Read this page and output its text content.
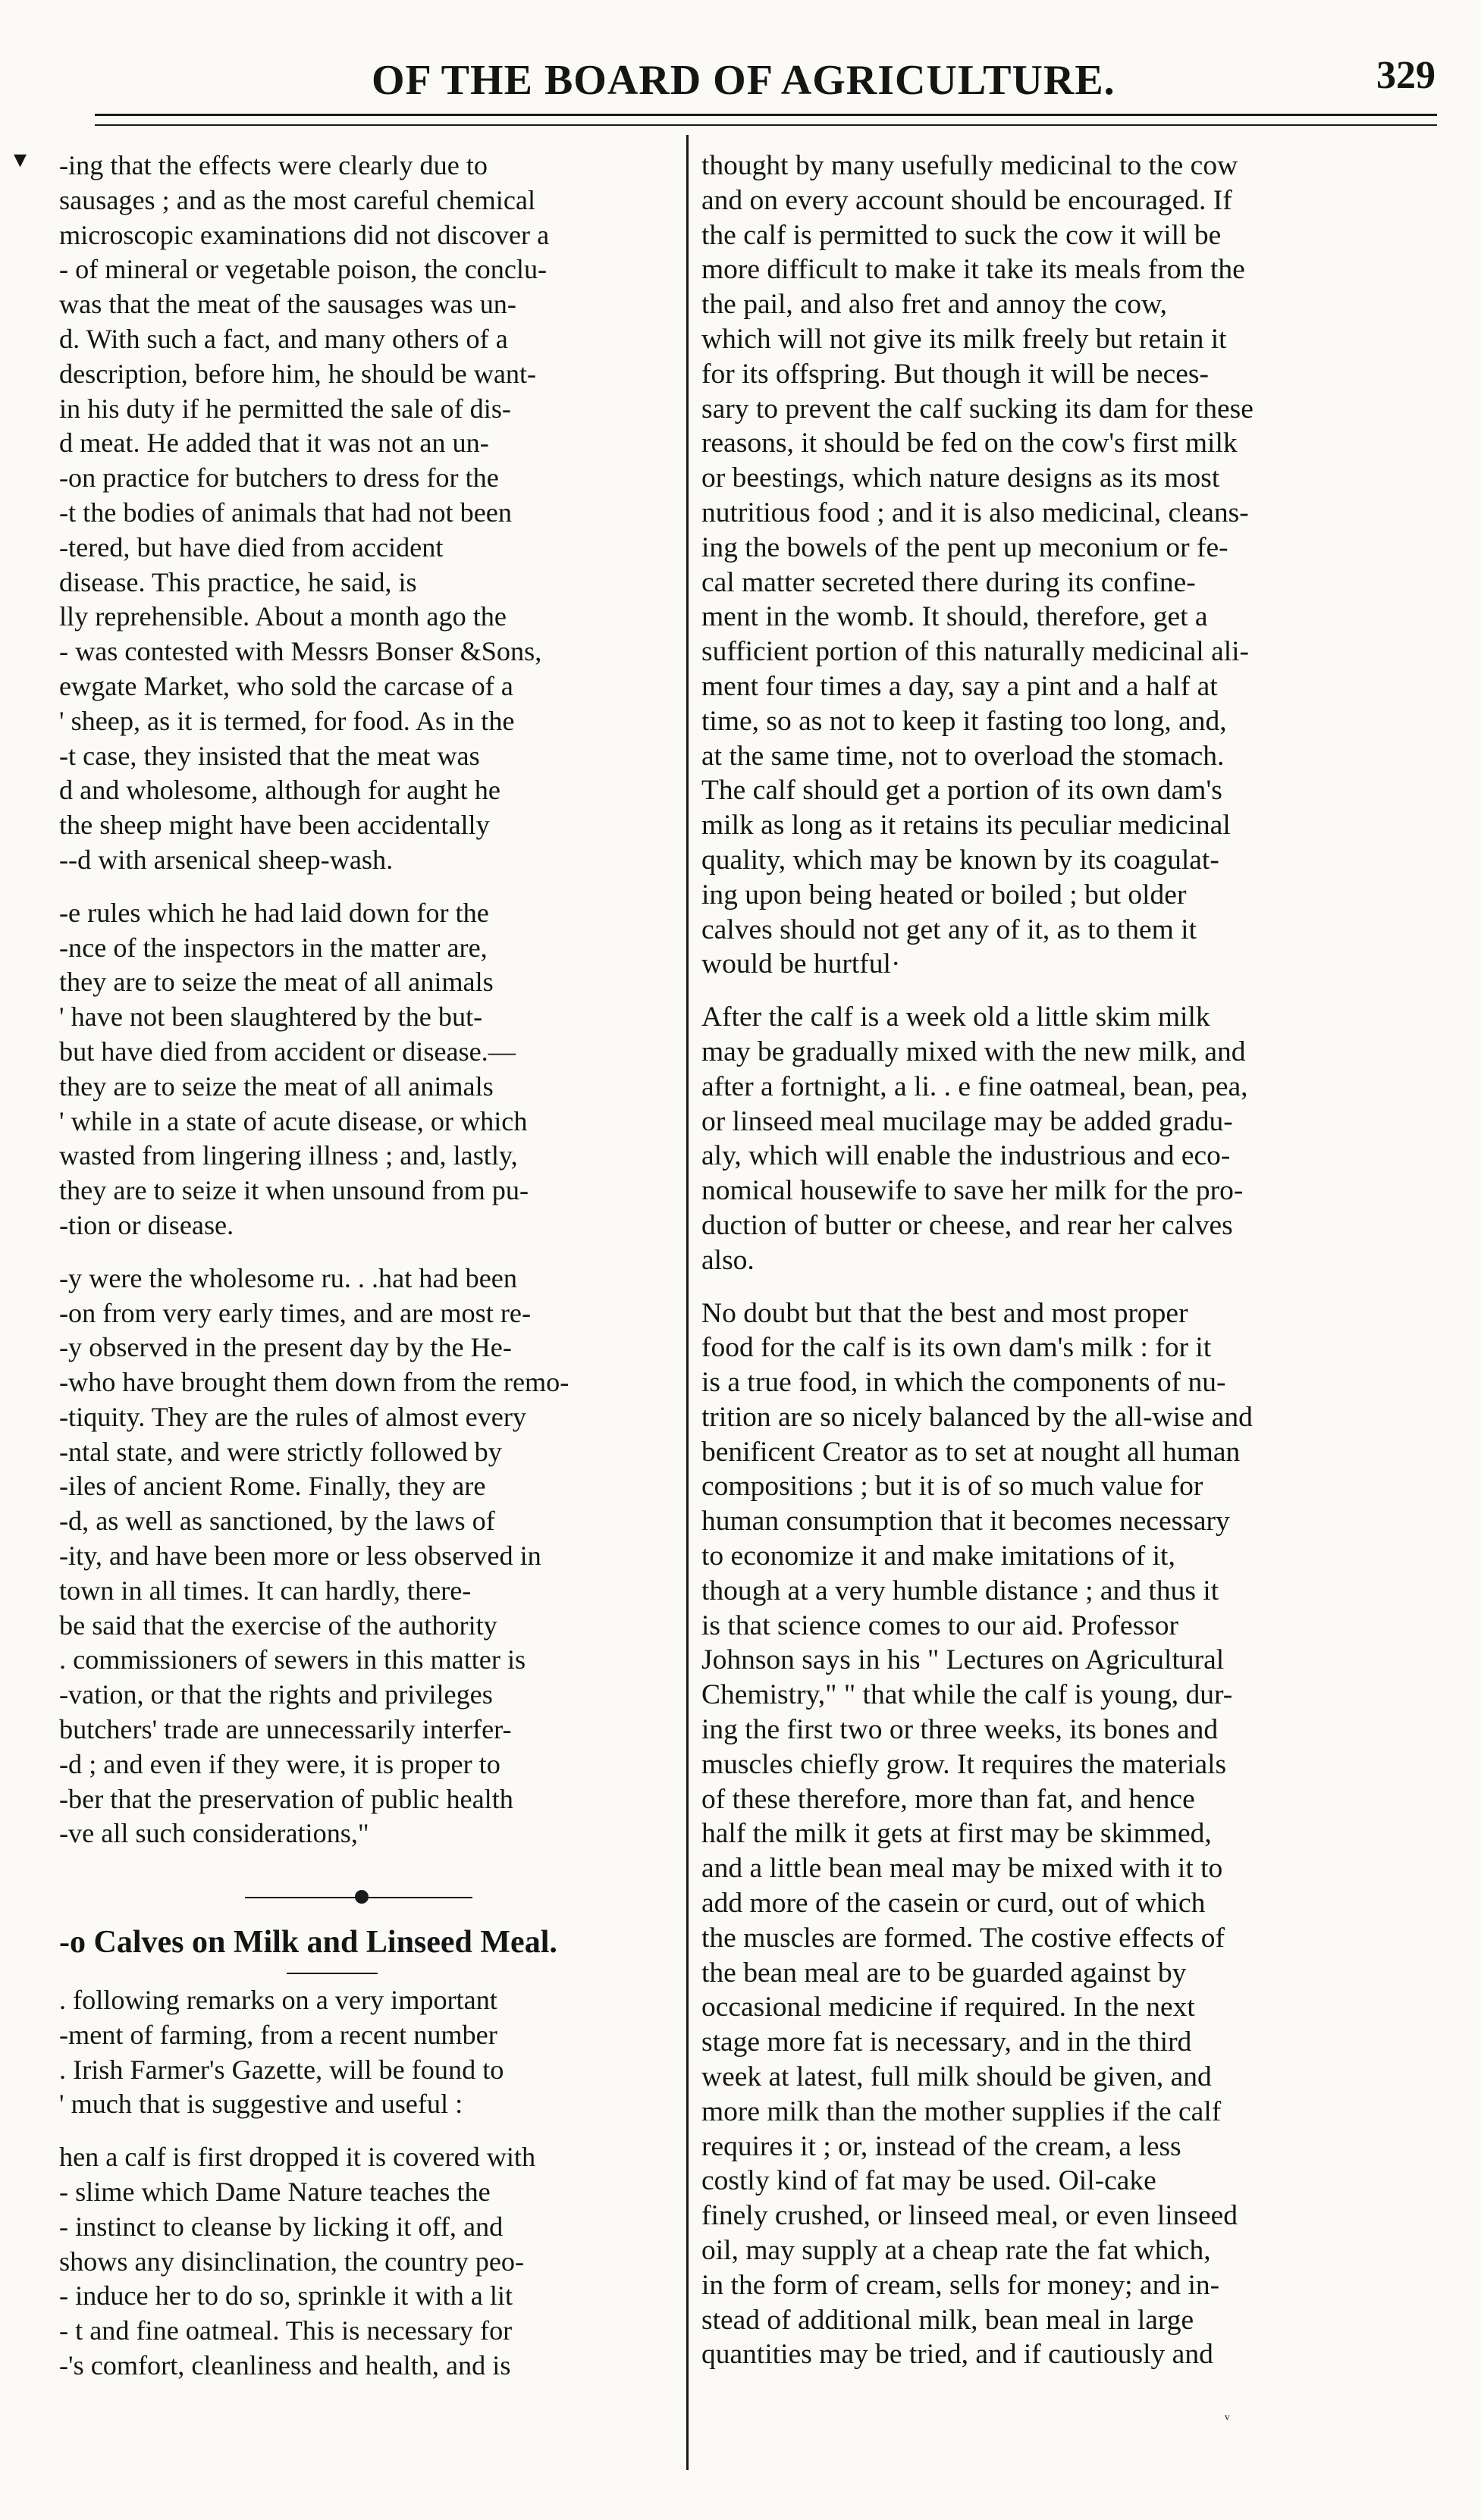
▾
OF THE BOARD OF AGRICULTURE.	329
-ing that the effects were clearly due to
sausages ; and as the most careful chemical
microscopic examinations did not discover a
- of mineral or vegetable poison, the conclu-
was that the meat of the sausages was un-
d. With such a fact, and many others of a
description, before him, he should be want-
in his duty if he permitted the sale of dis-
d meat. He added that it was not an un-
-on practice for butchers to dress for the
-t the bodies of animals that had not been
-tered, but have died from accident
disease. This practice, he said, is
lly reprehensible. About a month ago the
- was contested with Messrs Bonser &Sons,
ewgate Market, who sold the carcase of a
' sheep, as it is termed, for food. As in the
-t case, they insisted that the meat was
d and wholesome, although for aught he
the sheep might have been accidentally
--d with arsenical sheep-wash.
-e rules which he had laid down for the
-nce of the inspectors in the matter are,
they are to seize the meat of all animals
' have not been slaughtered by the but-
but have died from accident or disease.—
they are to seize the meat of all animals
' while in a state of acute disease, or which
wasted from lingering illness ; and, lastly,
they are to seize it when unsound from pu-
-tion or disease.
-y were the wholesome ru. . .hat had been
-on from very early times, and are most re-
-y observed in the present day by the He-
-who have brought them down from the remo-
-tiquity. They are the rules of almost every
-ntal state, and were strictly followed by
-iles of ancient Rome. Finally, they are
-d, as well as sanctioned, by the laws of
-ity, and have been more or less observed in
town in all times. It can hardly, there-
be said that the exercise of the authority
. commissioners of sewers in this matter is
-vation, or that the rights and privileges
butchers' trade are unnecessarily interfer-
-d ; and even if they were, it is proper to
-ber that the preservation of public health
-ve all such considerations,"
-o Calves on Milk and Linseed Meal.
. following remarks on a very important
-ment of farming, from a recent number
. Irish Farmer's Gazette, will be found to
' much that is suggestive and useful :
hen a calf is first dropped it is covered with
- slime which Dame Nature teaches the
- instinct to cleanse by licking it off, and
shows any disinclination, the country peo-
- induce her to do so, sprinkle it with a lit
- t and fine oatmeal. This is necessary for
-'s comfort, cleanliness and health, and is
thought by many usefully medicinal to the cow
and on every account should be encouraged. If
the calf is permitted to suck the cow it will be
more difficult to make it take its meals from the
the pail, and also fret and annoy the cow,
which will not give its milk freely but retain it
for its offspring. But though it will be neces-
sary to prevent the calf sucking its dam for these
reasons, it should be fed on the cow's first milk
or beestings, which nature designs as its most
nutritious food ; and it is also medicinal, cleans-
ing the bowels of the pent up meconium or fe-
cal matter secreted there during its confine-
ment in the womb. It should, therefore, get a
sufficient portion of this naturally medicinal ali-
ment four times a day, say a pint and a half at
time, so as not to keep it fasting too long, and,
at the same time, not to overload the stomach.
The calf should get a portion of its own dam's
milk as long as it retains its peculiar medicinal
quality, which may be known by its coagulat-
ing upon being heated or boiled ; but older
calves should not get any of it, as to them it
would be hurtful·
After the calf is a week old a little skim milk
may be gradually mixed with the new milk, and
after a fortnight, a li. . e fine oatmeal, bean, pea,
or linseed meal mucilage may be added gradu-
aly, which will enable the industrious and eco-
nomical housewife to save her milk for the pro-
duction of butter or cheese, and rear her calves
also.
No doubt but that the best and most proper
food for the calf is its own dam's milk : for it
is a true food, in which the components of nu-
trition are so nicely balanced by the all-wise and
benificent Creator as to set at nought all human
compositions ; but it is of so much value for
human consumption that it becomes necessary
to economize it and make imitations of it,
though at a very humble distance ; and thus it
is that science comes to our aid. Professor
Johnson says in his " Lectures on Agricultural
Chemistry," " that while the calf is young, dur-
ing the first two or three weeks, its bones and
muscles chiefly grow. It requires the materials
of these therefore, more than fat, and hence
half the milk it gets at first may be skimmed,
and a little bean meal may be mixed with it to
add more of the casein or curd, out of which
the muscles are formed. The costive effects of
the bean meal are to be guarded against by
occasional medicine if required. In the next
stage more fat is necessary, and in the third
week at latest, full milk should be given, and
more milk than the mother supplies if the calf
requires it ; or, instead of the cream, a less
costly kind of fat may be used. Oil-cake
finely crushed, or linseed meal, or even linseed
oil, may supply at a cheap rate the fat which,
in the form of cream, sells for money; and in-
stead of additional milk, bean meal in large
quantities may be tried, and if cautiously and
ᵥ
